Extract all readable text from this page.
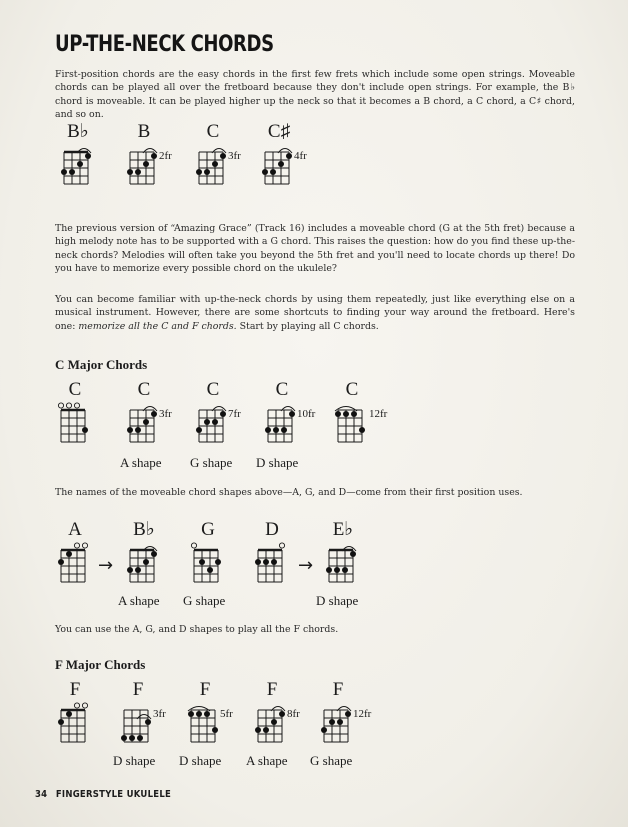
UP-THE-NECK CHORDS

First-position chords are the easy chords in the first few frets which include some open strings. Moveable chords can be played all over the fretboard because they don't include open strings. For example, the B♭ chord is moveable. It can be played higher up the neck so that it becomes a B chord, a C chord, a C♯ chord, and so on.

B♭	B
2fr
C
3fr
C♯
4fr

The previous version of “Amazing Grace” (Track 16) includes a moveable chord (G at the 5th fret) because a high melody note has to be supported with a G chord. This raises the question: how do you find these up-the-neck chords? Melodies will often take you beyond the 5th fret and you'll need to locate chords up there! Do you have to memorize every possible chord on the ukulele?

You can become familiar with up-the-neck chords by using them repeatedly, just like everything else on a musical instrument. However, there are some shortcuts to finding your way around the fretboard. Here's one: memorize all the C and F chords. Start by playing all C chords.

C Major Chords
C	C
3fr
C
7fr
C
10fr
C
12fr
A shape G shape D shape

The names of the moveable chord shapes above—A, G, and D—come from their first position uses.

A
→
B♭	G	D
→
E♭
A shape G shape	D shape

You can use the A, G, and D shapes to play all the F chords.

F Major Chords
F	F
3fr
F
5fr
F
8fr
F
12fr
D shape D shape A shape G shape
34 FINGERSTYLE UKULELE
